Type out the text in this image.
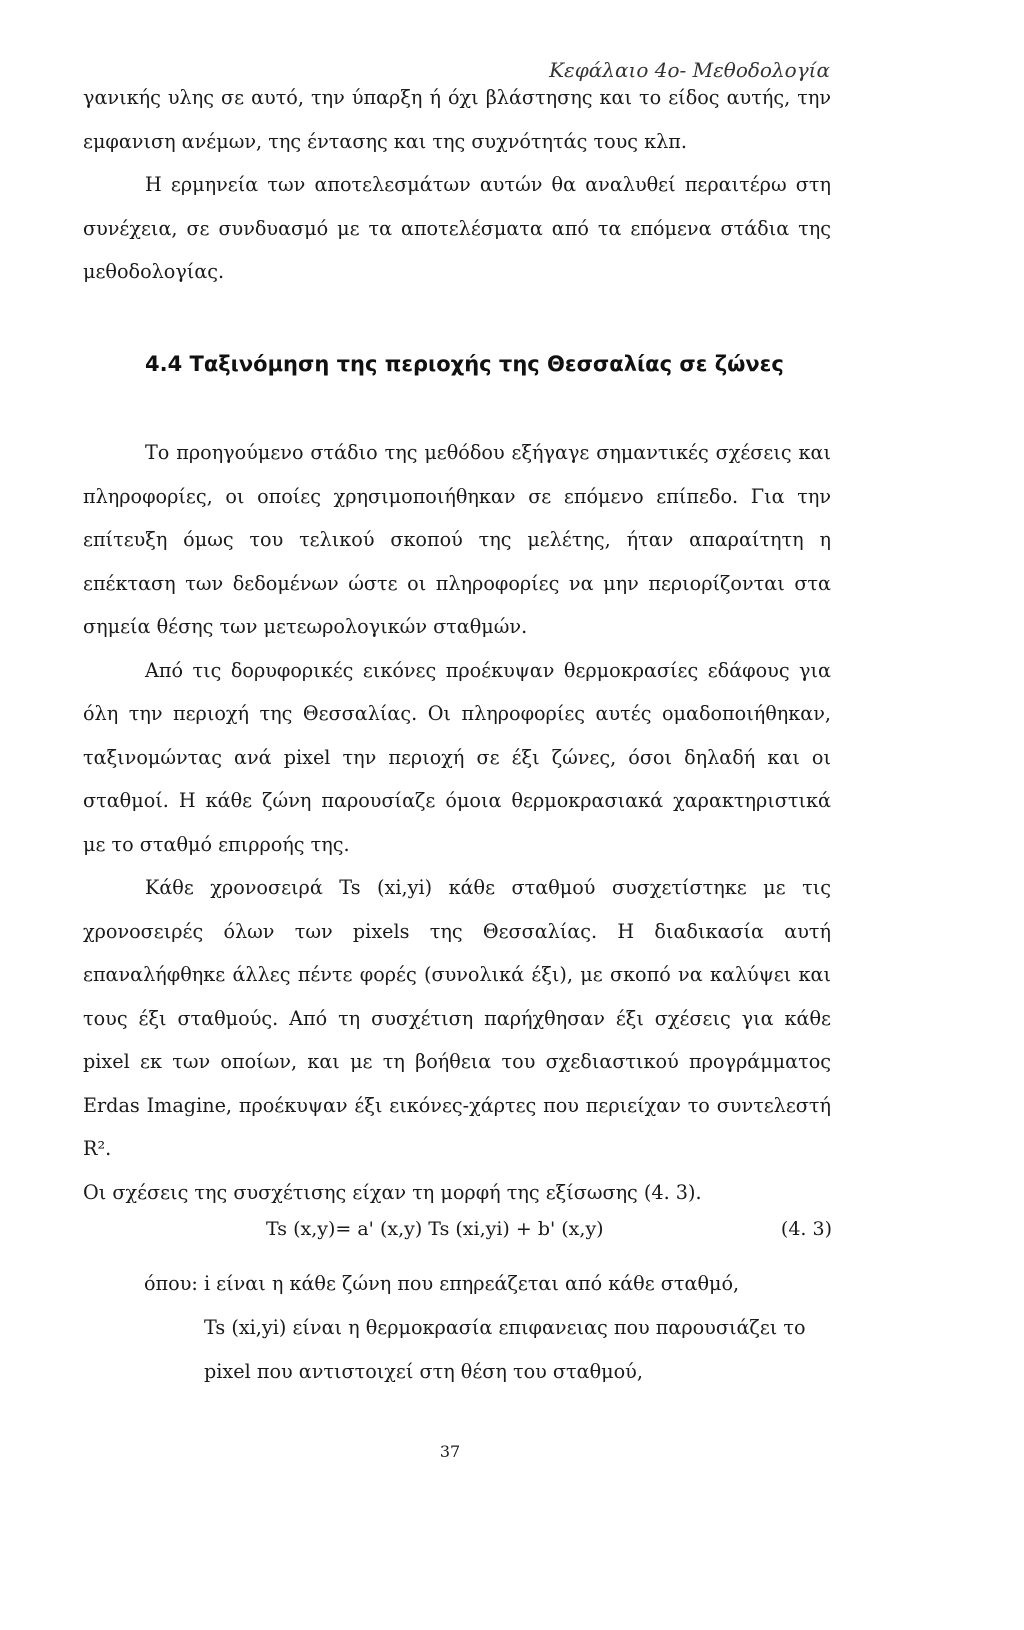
Κεφάλαιο 4ο- Μεθοδολογία

γανικής υλης σε αυτό, την ύπαρξη ή όχι βλάστησης και το είδος αυτής, την εμφανιση ανέμων, της έντασης και της συχνότητάς τους κλπ.

Η ερμηνεία των αποτελεσμάτων αυτών θα αναλυθεί περαιτέρω στη συνέχεια, σε συνδυασμό με τα αποτελέσματα από τα επόμενα στάδια της μεθοδολογίας.

4.4 Ταξινόμηση της περιοχής της Θεσσαλίας σε ζώνες

Το προηγούμενο στάδιο της μεθόδου εξήγαγε σημαντικές σχέσεις και πληροφορίες, οι οποίες χρησιμοποιήθηκαν σε επόμενο επίπεδο. Για την επίτευξη όμως του τελικού σκοπού της μελέτης, ήταν απαραίτητη η επέκταση των δεδομένων ώστε οι πληροφορίες να μην περιορίζονται στα σημεία θέσης των μετεωρολογικών σταθμών.

Από τις δορυφορικές εικόνες προέκυψαν θερμοκρασίες εδάφους για όλη την περιοχή της Θεσσαλίας. Οι πληροφορίες αυτές ομαδοποιήθηκαν, ταξινομώντας ανά pixel την περιοχή σε έξι ζώνες, όσοι δηλαδή και οι σταθμοί. Η κάθε ζώνη παρουσίαζε όμοια θερμοκρασιακά χαρακτηριστικά με το σταθμό επιρροής της.

Κάθε χρονοσειρά Ts (xi,yi) κάθε σταθμού συσχετίστηκε με τις χρονοσειρές όλων των pixels της Θεσσαλίας. Η διαδικασία αυτή επαναλήφθηκε άλλες πέντε φορές (συνολικά έξι), με σκοπό να καλύψει και τους έξι σταθμούς. Από τη συσχέτιση παρήχθησαν έξι σχέσεις για κάθε pixel εκ των οποίων, και με τη βοήθεια του σχεδιαστικού προγράμματος Erdas Imagine, προέκυψαν έξι εικόνες-χάρτες που περιείχαν το συντελεστή R².

Οι σχέσεις της συσχέτισης είχαν τη μορφή της εξίσωσης (4. 3).

Ts (x,y)= a' (x,y) Ts (xi,yi) + b' (x,y)	(4. 3)
όπου: i είναι η κάθε ζώνη που επηρεάζεται από κάθε σταθμό,
Ts (xi,yi) είναι η θερμοκρασία επιφανειας που παρουσιάζει το
pixel που αντιστοιχεί στη θέση του σταθμού,
37
